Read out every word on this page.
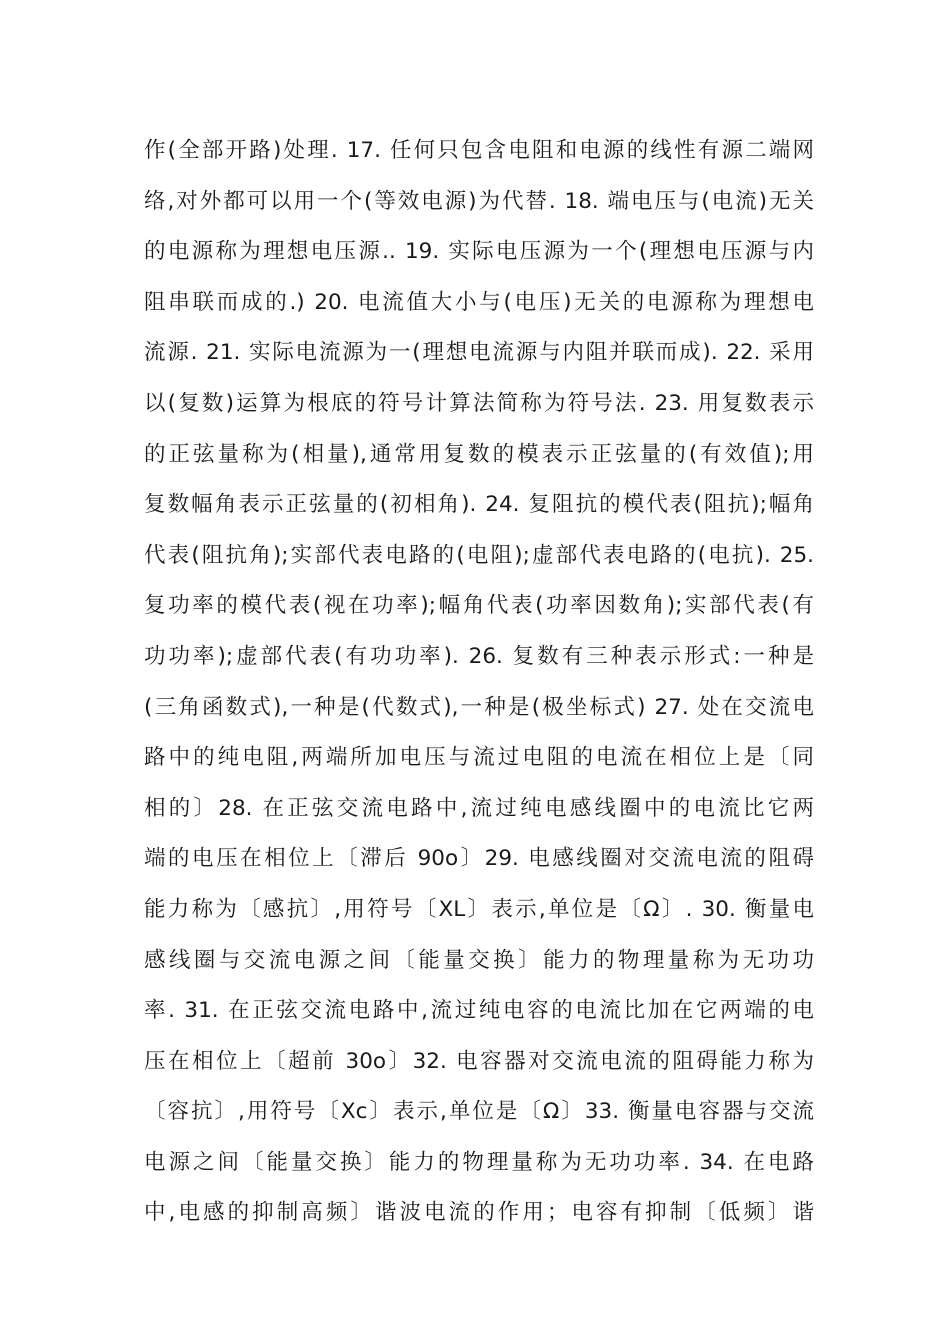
作(全部开路)处理. 17. 任何只包含电阻和电源的线性有源二端网
络,对外都可以用一个(等效电源)为代替. 18. 端电压与(电流)无关
的电源称为理想电压源.. 19. 实际电压源为一个(理想电压源与内
阻串联而成的.) 20. 电流值大小与(电压)无关的电源称为理想电
流源. 21. 实际电流源为一(理想电流源与内阻并联而成). 22. 采用
以(复数)运算为根底的符号计算法简称为符号法. 23. 用复数表示
的正弦量称为(相量),通常用复数的模表示正弦量的(有效值);用
复数幅角表示正弦量的(初相角). 24. 复阻抗的模代表(阻抗);幅角
代表(阻抗角);实部代表电路的(电阻);虚部代表电路的(电抗). 25.
复功率的模代表(视在功率);幅角代表(功率因数角);实部代表(有
功功率);虚部代表(有功功率). 26. 复数有三种表示形式:一种是
(三角函数式),一种是(代数式),一种是(极坐标式) 27. 处在交流电
路中的纯电阻,两端所加电压与流过电阻的电流在相位上是〔同
相的〕28. 在正弦交流电路中,流过纯电感线圈中的电流比它两
端的电压在相位上〔滞后 90o〕29. 电感线圈对交流电流的阻碍
能力称为〔感抗〕,用符号〔XL〕表示,单位是〔Ω〕. 30. 衡量电
感线圈与交流电源之间〔能量交换〕能力的物理量称为无功功
率. 31. 在正弦交流电路中,流过纯电容的电流比加在它两端的电
压在相位上〔超前 30o〕32. 电容器对交流电流的阻碍能力称为
〔容抗〕,用符号〔Xc〕表示,单位是〔Ω〕33. 衡量电容器与交流
电源之间〔能量交换〕能力的物理量称为无功功率. 34. 在电路
中,电感的抑制高频〕谐波电流的作用；电容有抑制〔低频〕谐
